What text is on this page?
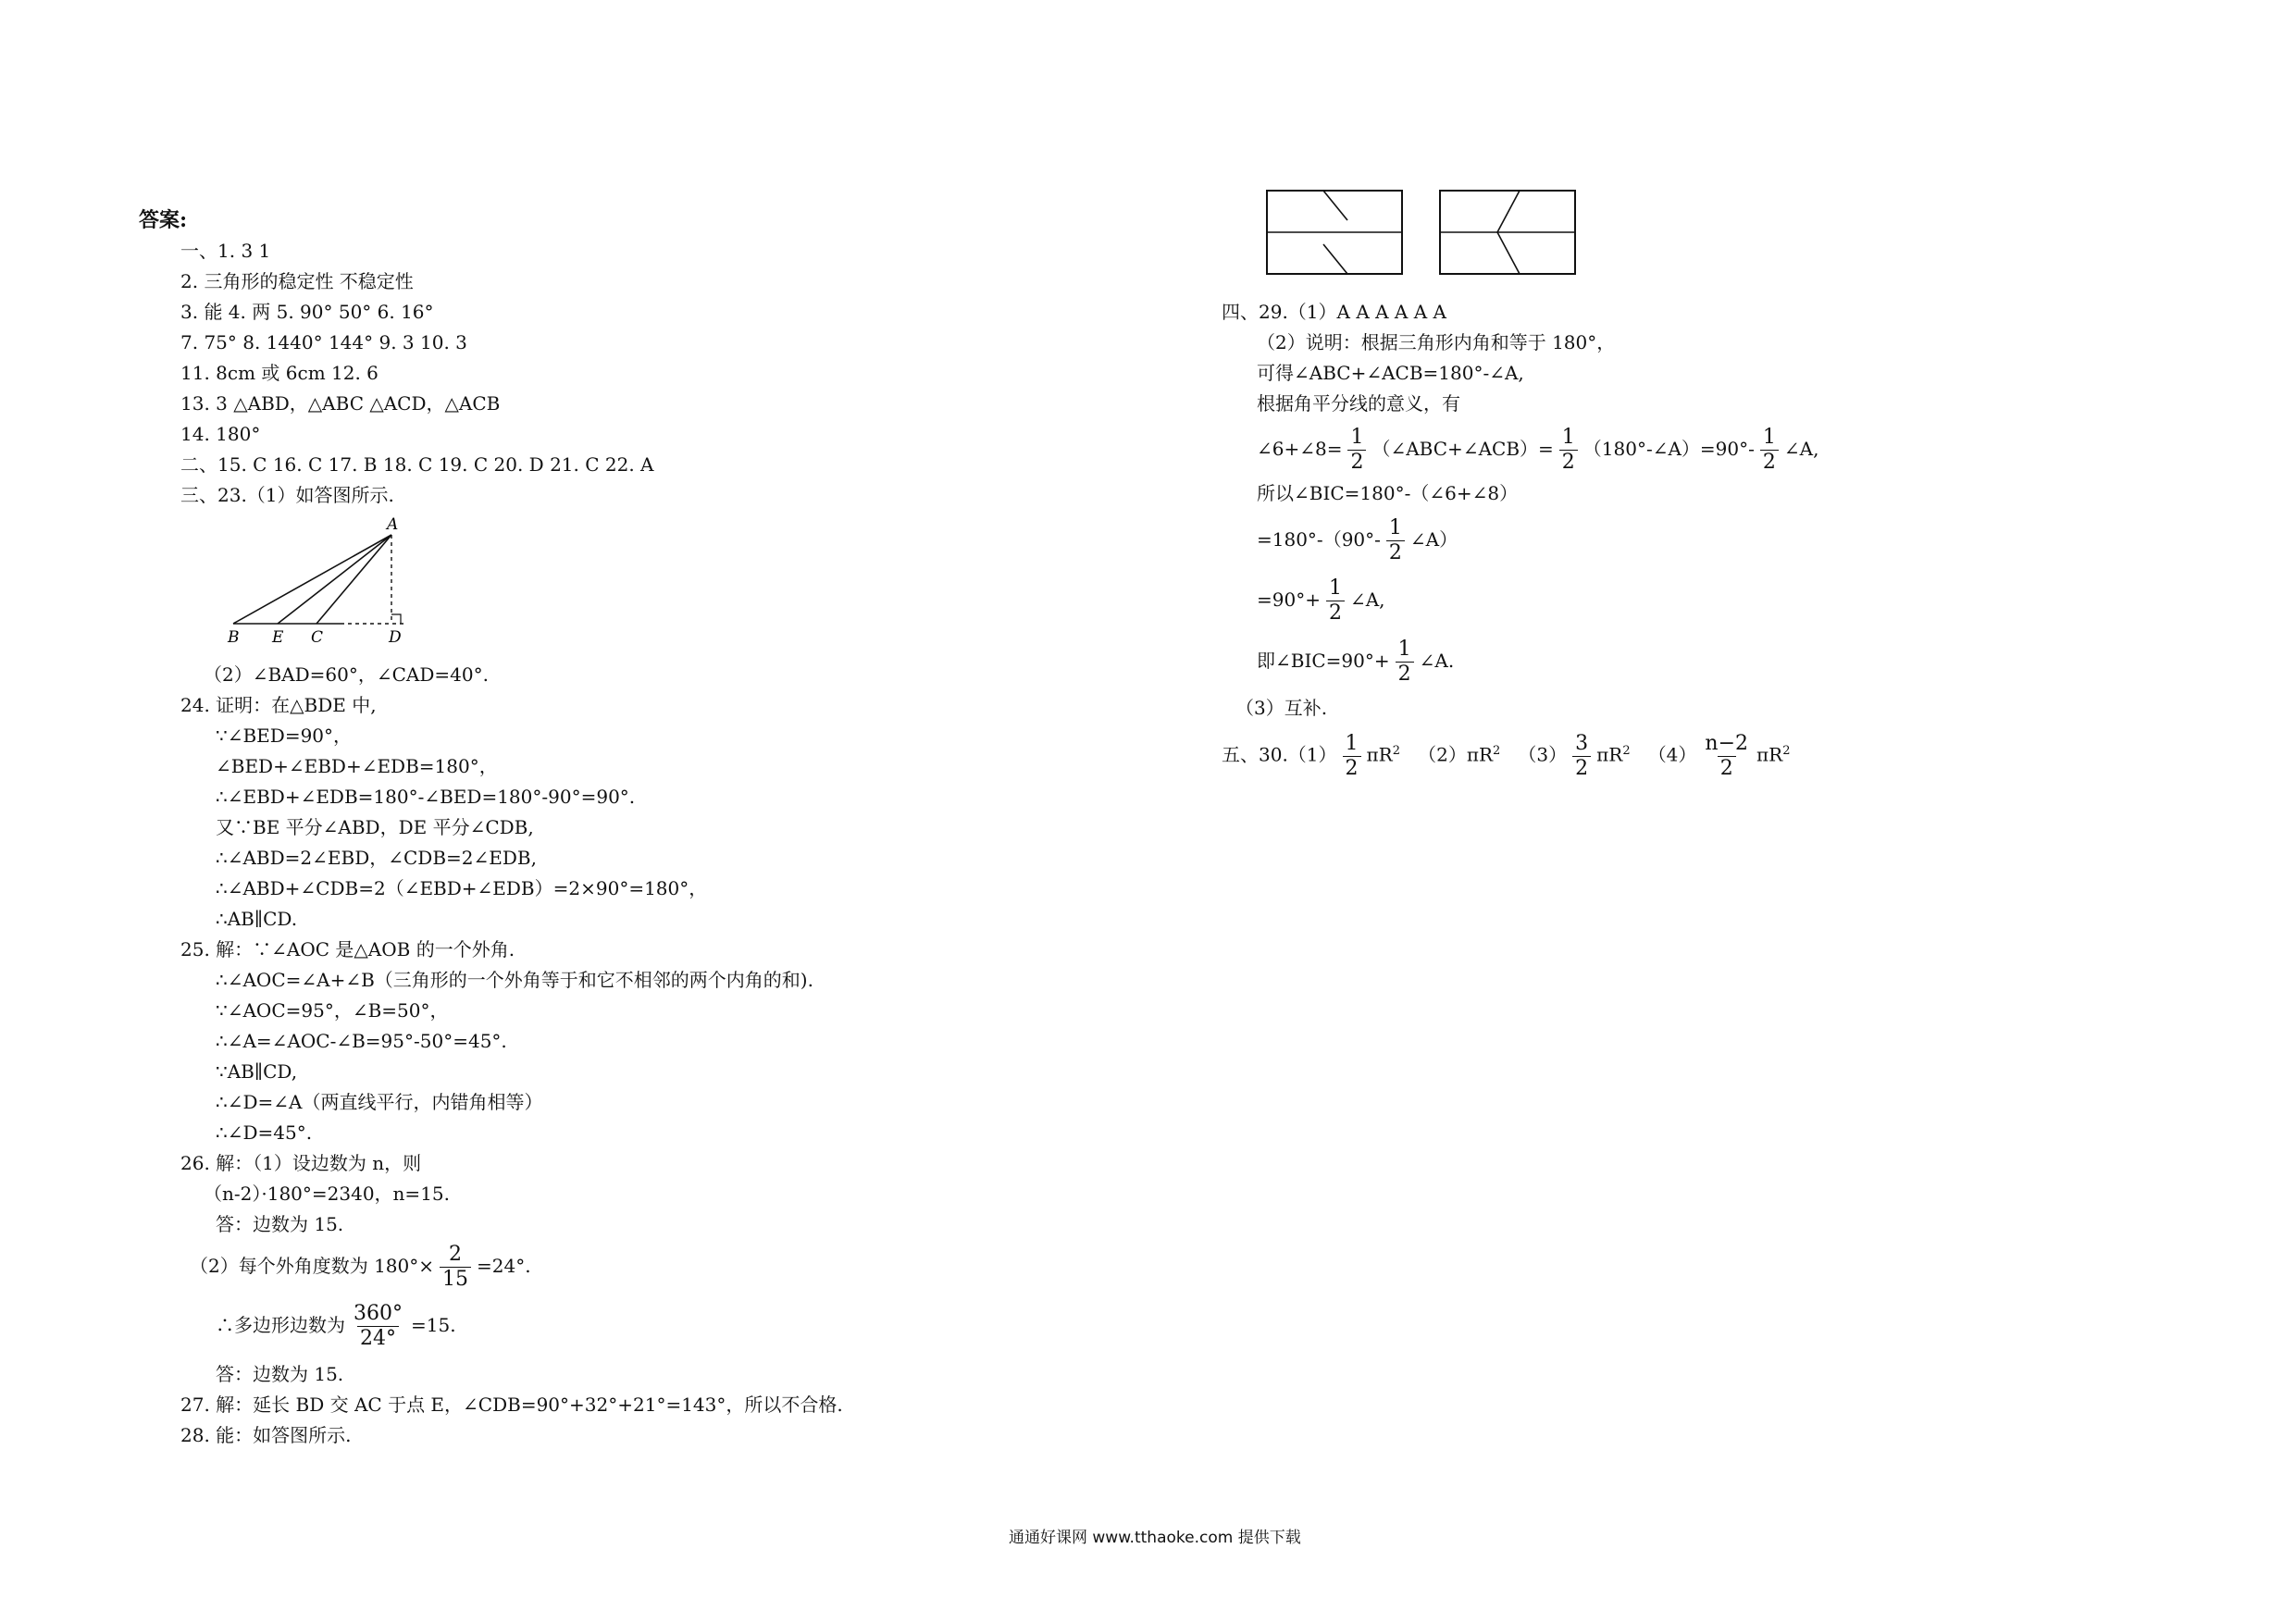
答案:
一、1. 3 1
2. 三角形的稳定性 不稳定性
3. 能 4. 两 5. 90° 50° 6. 16°
7. 75° 8. 1440° 144° 9. 3 10. 3
11. 8cm 或 6cm 12. 6
13. 3 △ABD，△ABC △ACD，△ACB
14. 180°
二、15. C 16. C 17. B 18. C 19. C 20. D 21. C 22. A
三、23.（1）如答图所示.
A
B E C	D
（2）∠BAD=60°，∠CAD=40°.
24. 证明：在△BDE 中,
∵∠BED=90°，
∠BED+∠EBD+∠EDB=180°，
∴∠EBD+∠EDB=180°-∠BED=180°-90°=90°.
又∵BE 平分∠ABD，DE 平分∠CDB,
∴∠ABD=2∠EBD，∠CDB=2∠EDB,
∴∠ABD+∠CDB=2（∠EBD+∠EDB）=2×90°=180°，
∴AB∥CD.
25. 解：∵∠AOC 是△AOB 的一个外角.
∴∠AOC=∠A+∠B（三角形的一个外角等于和它不相邻的两个内角的和).
∵∠AOC=95°，∠B=50°，
∴∠A=∠AOC-∠B=95°-50°=45°.
∵AB∥CD,
∴∠D=∠A（两直线平行，内错角相等）
∴∠D=45°.
26. 解：（1）设边数为 n，则
（n-2）·180°=2340，n=15.
答：边数为 15.
（2）每个外角度数为 $180^\circ\times \frac{2}{15} =24^\circ$.
∴多边形边数为 $\frac{360^\circ}{24^\circ} =15$.
答：边数为 15.
27. 解：延长 BD 交 AC 于点 E，∠CDB=90°+32°+21°=143°，所以不合格.
28. 能：如答图所示.
四、29.（1）A A A A A A
（2）说明：根据三角形内角和等于 180°，
可得∠ABC+∠ACB=180°-∠A,
根据角平分线的意义，有
∠6+∠8= $\frac{1}{2}$ （∠ABC+∠ACB）= $\frac{1}{2}$ （180°-∠A）=90°- $\frac{1}{2}$ ∠A,
所以∠BIC=180°-（∠6+∠8）
$=180^\circ-(90^\circ- \frac{1}{2}$ ∠A）
$=90^\circ+ \frac{1}{2}$ ∠A,
即∠BIC=90°+ $\frac{1}{2}$ ∠A.
（3）互补.
五、$30.(1) \frac{1}{2} \pi R^2$ $(2)\pi R^2$ $(3) \frac{3}{2} \pi R^2$ $(4) \frac{n-2}{2} \pi R^2$
通通好课网 www.tthaoke.com 提供下载
